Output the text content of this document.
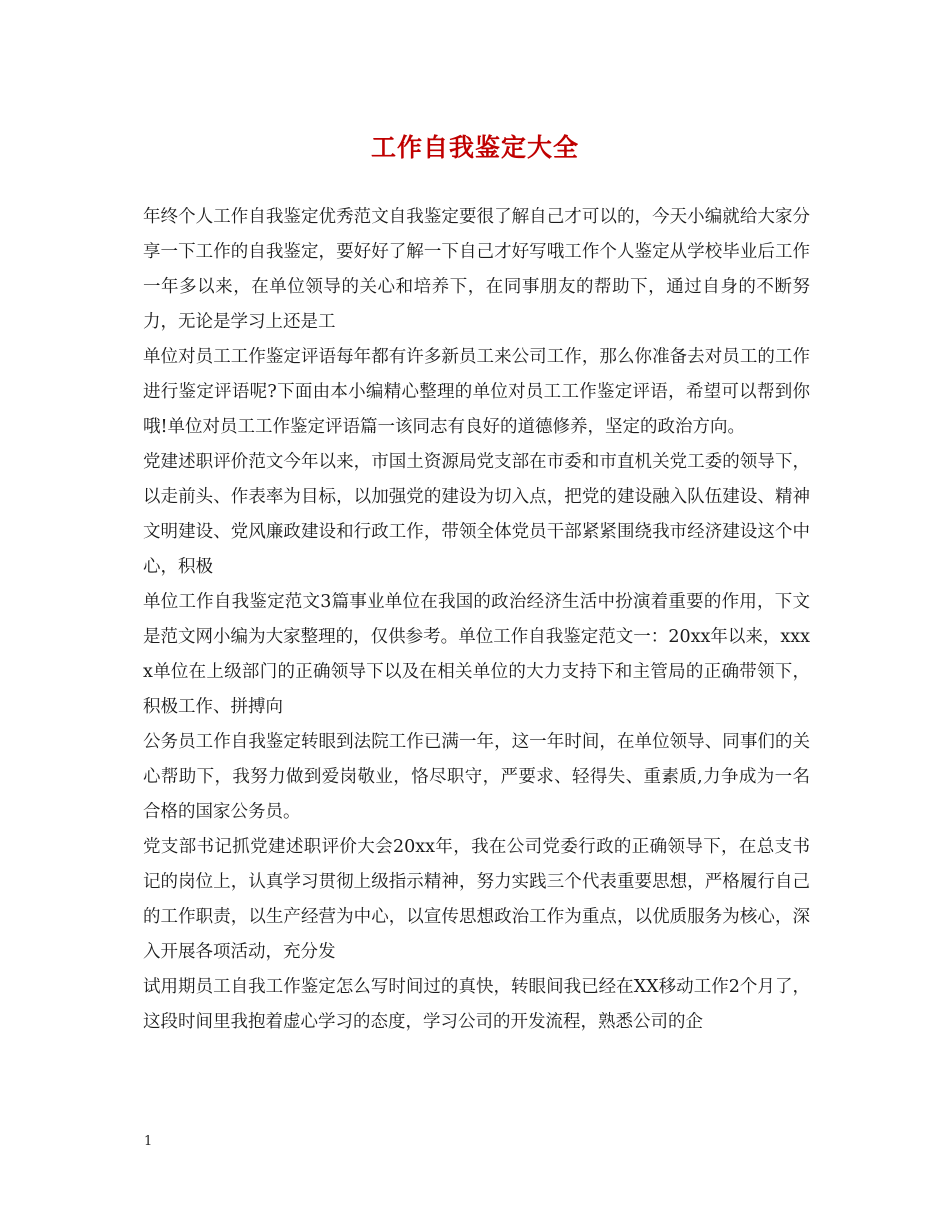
工作自我鉴定大全

年终个人工作自我鉴定优秀范文自我鉴定要很了解自己才可以的，今天小编就给大家分享一下工作的自我鉴定，要好好了解一下自己才好写哦工作个人鉴定从学校毕业后工作一年多以来，在单位领导的关心和培养下，在同事朋友的帮助下，通过自身的不断努力，无论是学习上还是工

单位对员工工作鉴定评语每年都有许多新员工来公司工作，那么你准备去对员工的工作进行鉴定评语呢?下面由本小编精心整理的单位对员工工作鉴定评语，希望可以帮到你哦!单位对员工工作鉴定评语篇一该同志有良好的道德修养，坚定的政治方向。

党建述职评价范文今年以来，市国土资源局党支部在市委和市直机关党工委的领导下，以走前头、作表率为目标，以加强党的建设为切入点，把党的建设融入队伍建设、精神文明建设、党风廉政建设和行政工作，带领全体党员干部紧紧围绕我市经济建设这个中心，积极

单位工作自我鉴定范文3篇事业单位在我国的政治经济生活中扮演着重要的作用，下文是范文网小编为大家整理的，仅供参考。单位工作自我鉴定范文一：20xx年以来，xxxx单位在上级部门的正确领导下以及在相关单位的大力支持下和主管局的正确带领下，积极工作、拼搏向

公务员工作自我鉴定转眼到法院工作已满一年，这一年时间，在单位领导、同事们的关心帮助下，我努力做到爱岗敬业，恪尽职守，严要求、轻得失、重素质,力争成为一名合格的国家公务员。

党支部书记抓党建述职评价大会20xx年，我在公司党委行政的正确领导下，在总支书记的岗位上，认真学习贯彻上级指示精神，努力实践三个代表重要思想，严格履行自己的工作职责，以生产经营为中心，以宣传思想政治工作为重点，以优质服务为核心，深入开展各项活动，充分发

试用期员工自我工作鉴定怎么写时间过的真快，转眼间我已经在XX移动工作2个月了，这段时间里我抱着虚心学习的态度，学习公司的开发流程，熟悉公司的企

1
